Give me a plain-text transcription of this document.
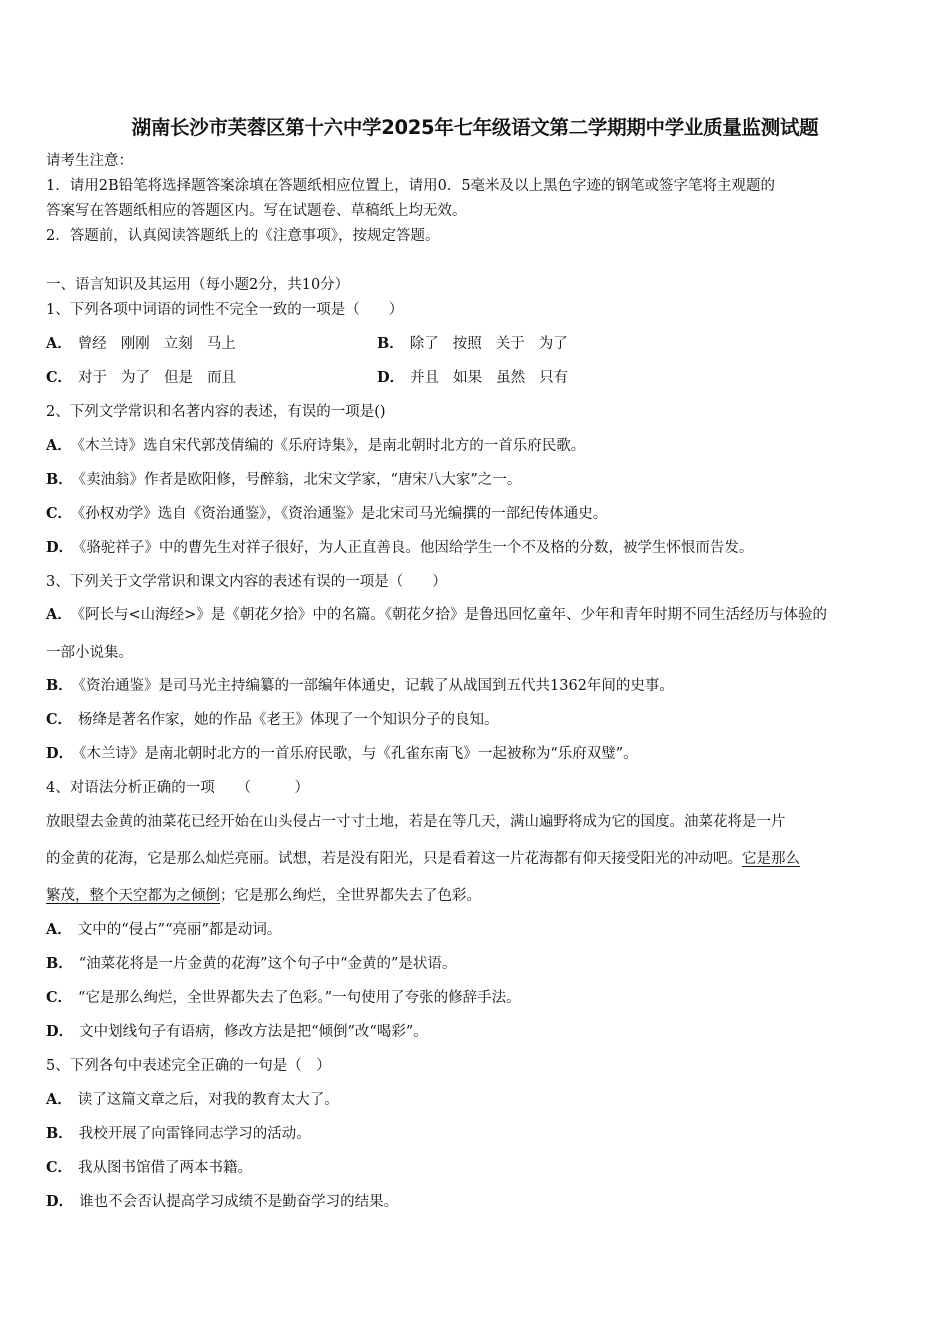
湖南长沙市芙蓉区第十六中学2025年七年级语文第二学期期中学业质量监测试题
请考生注意：
1．请用2B铅笔将选择题答案涂填在答题纸相应位置上，请用0．5毫米及以上黑色字迹的钢笔或签字笔将主观题的
答案写在答题纸相应的答题区内。写在试题卷、草稿纸上均无效。
2．答题前，认真阅读答题纸上的《注意事项》，按规定答题。
一、语言知识及其运用（每小题2分，共10分）
1、下列各项中词语的词性不完全一致的一项是（　　）
A． 曾经 刚刚 立刻 马上	B． 除了 按照 关于 为了
C． 对于 为了 但是 而且	D． 并且 如果 虽然 只有
2、下列文学常识和名著内容的表述，有误的一项是()
A． 《木兰诗》选自宋代郭茂倩编的《乐府诗集》，是南北朝时北方的一首乐府民歌。
B． 《卖油翁》作者是欧阳修，号醉翁，北宋文学家，“唐宋八大家”之一。
C． 《孙权劝学》选自《资治通鉴》，《资治通鉴》是北宋司马光编撰的一部纪传体通史。
D． 《骆驼祥子》中的曹先生对祥子很好，为人正直善良。他因给学生一个不及格的分数，被学生怀恨而告发。
3、下列关于文学常识和课文内容的表述有误的一项是（　　）
A． 《阿长与<山海经>》是《朝花夕拾》中的名篇。《朝花夕拾》是鲁迅回忆童年、少年和青年时期不同生活经历与体验的
一部小说集。
B． 《资治通鉴》是司马光主持编纂的一部编年体通史，记载了从战国到五代共1362年间的史事。
C． 杨绛是著名作家，她的作品《老王》体现了一个知识分子的良知。
D． 《木兰诗》是南北朝时北方的一首乐府民歌，与《孔雀东南飞》一起被称为“乐府双璧”。
4、对语法分析正确的一项　　（　　　）
放眼望去金黄的油菜花已经开始在山头侵占一寸寸土地，若是在等几天，满山遍野将成为它的国度。油菜花将是一片
的金黄的花海，它是那么灿烂亮丽。试想，若是没有阳光，只是看着这一片花海都有仰天接受阳光的冲动吧。它是那么
繁茂，整个天空都为之倾倒；它是那么绚烂，全世界都失去了色彩。
A． 文中的“侵占”“亮丽”都是动词。
B． “油菜花将是一片金黄的花海”这个句子中“金黄的”是状语。
C． “它是那么绚烂，全世界都失去了色彩。”一句使用了夸张的修辞手法。
D． 文中划线句子有语病，修改方法是把“倾倒”改“喝彩”。
5、下列各句中表述完全正确的一句是（　）
A． 读了这篇文章之后，对我的教育太大了。
B． 我校开展了向雷锋同志学习的活动。
C． 我从图书馆借了两本书籍。
D． 谁也不会否认提高学习成绩不是勤奋学习的结果。
